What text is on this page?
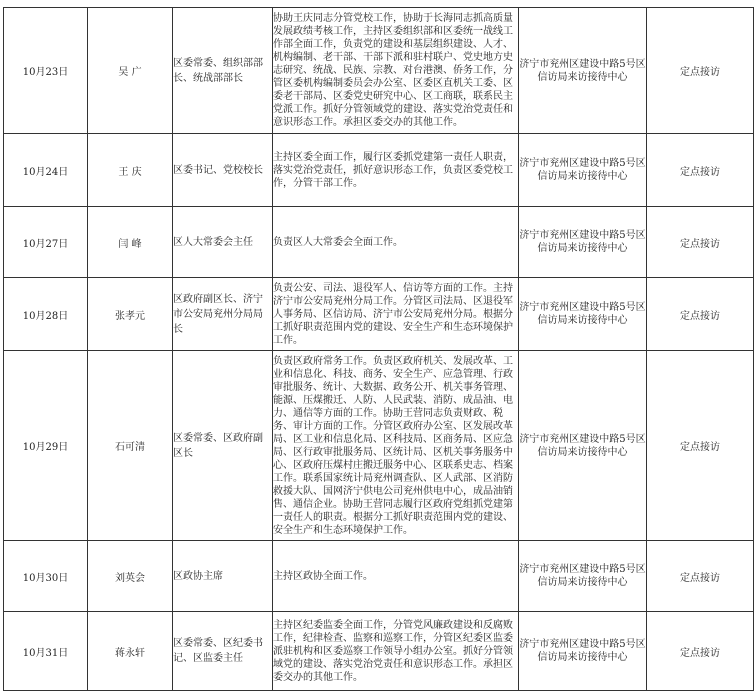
10月23日	吴 广	区委常委、组织部部长、统战部部长	协助王庆同志分管党校工作，协助于长海同志抓高质量发展政绩考核工作，主持区委组织部和区委统一战线工作部全面工作，负责党的建设和基层组织建设、人才、机构编制、老干部、干部下派和驻村联户、党史地方史志研究、统战、民族、宗教、对台港澳、侨务工作，分管区委机构编制委员会办公室、区委区直机关工委、区委老干部局、区委党史研究中心、区工商联，联系民主党派工作。抓好分管领域党的建设、落实党治党责任和意识形态工作。承担区委交办的其他工作。	济宁市兖州区建设中路5号区信访局来访接待中心	定点接访
10月24日	王 庆	区委书记、党校校长	主持区委全面工作，履行区委抓党建第一责任人职责，落实党治党责任，抓好意识形态工作，负责区委党校工作，分管干部工作。	济宁市兖州区建设中路5号区信访局来访接待中心	定点接访
10月27日	闫 峰	区人大常委会主任	负责区人大常委会全面工作。	济宁市兖州区建设中路5号区信访局来访接待中心	定点接访
10月28日	张孝元	区政府副区长、济宁市公安局兖州分局局长	负责公安、司法、退役军人、信访等方面的工作。主持济宁市公安局兖州分局工作。分管区司法局、区退役军人事务局、区信访局、济宁市公安局兖州分局。根据分工抓好职责范围内党的建设、安全生产和生态环境保护工作。	济宁市兖州区建设中路5号区信访局来访接待中心	定点接访
10月29日	石可清	区委常委、区政府副区长	负责区政府常务工作。负责区政府机关、发展改革、工业和信息化、科技、商务、安全生产、应急管理、行政审批服务、统计、大数据、政务公开、机关事务管理、能源、压煤搬迁、人防、人民武装、消防、成品油、电力、通信等方面的工作。协助王营同志负责财政、税务、审计方面的工作。分管区政府办公室、区发展改革局、区工业和信息化局、区科技局、区商务局、区应急局、区行政审批服务局、区统计局、区机关事务服务中心、区政府压煤村庄搬迁服务中心、区联系史志、档案工作。联系国家统计局兖州调查队、区人武部、区消防救援大队、国网济宁供电公司兖州供电中心，成品油销售、通信企业。协助王营同志履行区政府党组抓党建第一责任人的职责。根据分工抓好职责范围内党的建设、安全生产和生态环境保护工作。	济宁市兖州区建设中路5号区信访局来访接待中心	定点接访
10月30日	刘英会	区政协主席	主持区政协全面工作。	济宁市兖州区建设中路5号区信访局来访接待中心	定点接访
10月31日	蒋永轩	区委常委、区纪委书记、区监委主任	主持区纪委监委全面工作，分管党风廉政建设和反腐败工作，纪律检查、监察和巡察工作，分管区纪委区监委派驻机构和区委巡察工作领导小组办公室。抓好分管领域党的建设、落实党治党责任和意识形态工作。承担区委交办的其他工作。	济宁市兖州区建设中路5号区信访局来访接待中心	定点接访
